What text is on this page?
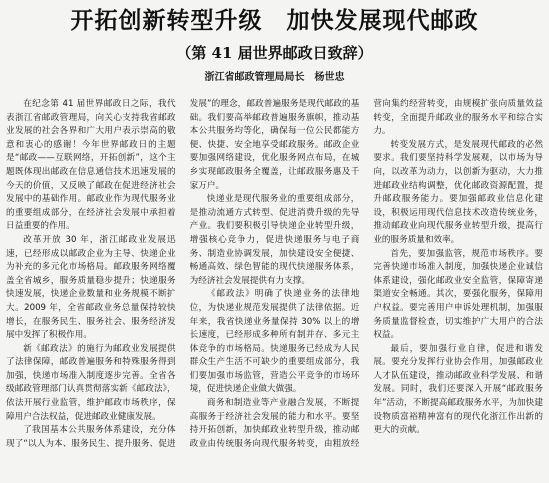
开拓创新转型升级　加快发展现代邮政
（第 41 届世界邮政日致辞）
浙江省邮政管理局局长　杨世忠

在纪念第 41 届世界邮政日之际，我代表浙江省邮政管理局，向关心支持我省邮政业发展的社会各界和广大用户表示崇高的敬意和衷心的感谢！今年世界邮政日的主题是“邮政——互联网络，开拓创新”，这个主题既体现出邮政在信息通信技术迅速发展的今天的价值，又反映了邮政在促进经济社会发展中的基础作用。邮政业作为现代服务业的重要组成部分，在经济社会发展中承担着日益重要的作用。

改革开放 30 年，浙江邮政业发展迅速，已经形成以邮政企业为主导、快递企业为补充的多元化市场格局。邮政服务网络覆盖全省城乡，服务质量稳步提升；快递服务快速发展，快递企业数量和业务规模不断扩大。2009 年，全省邮政业务总量保持较快增长，在服务民生、服务社会、服务经济发展中发挥了积极作用。

新《邮政法》的施行为邮政业发展提供了法律保障，邮政普遍服务和特殊服务得到加强，快递市场准入制度逐步完善。全省各级邮政管理部门认真贯彻落实新《邮政法》，依法开展行业监管，维护邮政市场秩序，保障用户合法权益，促进邮政业健康发展。

了我国基本公共服务体系建设，充分体现了“以人为本、服务民生、提升服务、促进发展”的理念，邮政普遍服务是现代邮政的基础。我们要高举邮政普遍服务旗帜，推动基本公共服务均等化，确保每一位公民都能方便、快捷、安全地享受邮政服务。邮政企业要加强网络建设，优化服务网点布局，在城乡实现邮政服务全覆盖，让邮政服务惠及千家万户。

快递业是现代服务业的重要组成部分，是推动流通方式转型、促进消费升级的先导产业。我们要积极引导快递企业转型升级，增强核心竞争力，促进快递服务与电子商务、制造业协调发展，加快建设安全便捷、畅通高效、绿色智能的现代快递服务体系，为经济社会发展提供有力支撑。

《邮政法》明确了快递业务的法律地位，为快递业规范发展提供了法律依据。近年来，我省快递业务量保持 30% 以上的增长速度，已经形成多种所有制并存、多元主体竞争的市场格局。快递服务已经成为人民群众生产生活不可缺少的重要组成部分，我们要加强市场监管，营造公平竞争的市场环境，促进快递企业做大做强。

商务和制造业等产业融合发展，不断提高服务于经济社会发展的能力和水平。要坚持开拓创新，加快邮政业转型升级，推动邮政业由传统服务向现代服务转变，由粗放经营向集约经营转变，由规模扩张向质量效益转变，全面提升邮政业的服务水平和综合实力。

转变发展方式，是发展现代邮政的必然要求。我们要坚持科学发展观，以市场为导向，以改革为动力，以创新为驱动，大力推进邮政业结构调整，优化邮政资源配置，提升邮政服务能力。要加强邮政业信息化建设，积极运用现代信息技术改造传统业务，推动邮政业向现代服务业转型升级，提高行业的服务质量和效率。

首先，要加强监管，规范市场秩序。要完善快递市场准入制度，加强快递企业诚信体系建设，强化邮政业安全监管，保障寄递渠道安全畅通。其次，要强化服务，保障用户权益。要完善用户申诉处理机制，加强服务质量监督检查，切实维护广大用户的合法权益。

最后，要加强行业自律，促进和谐发展。要充分发挥行业协会作用，加强邮政业人才队伍建设，推动邮政业科学发展、和谐发展。同时，我们还要深入开展“邮政服务年”活动，不断提高邮政服务水平，为加快建设物质富裕精神富有的现代化浙江作出新的更大的贡献。
